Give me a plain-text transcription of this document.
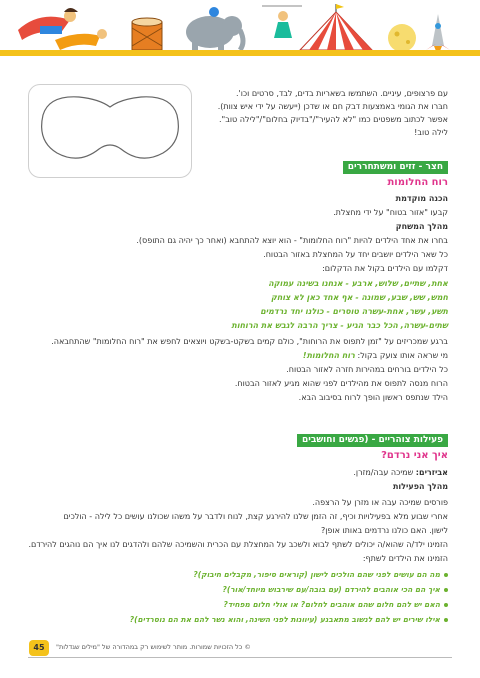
עם פרצופים, עיניים. השתמשו בשאריות בדים, לבד, סרטים וכו'.
חבּרו את הגומי באמצעות דבק חם או שדכן (ייעשה על ידי איש צוות).
אפשר לכתוב משפטים כמו "לא להעיר"/"בדיוק בחלום"/"לילה טוב".
לילה טוב!
חצר - זזים ומשתחררים
רוח החלומות
הכנה מוקדמת
קבעו "אזור בטוח" על ידי מחצלת.
מהלך המשחק
בחרו את אחד הילדים להיות "רוח החלומות" - הוא יוצא להתחבא (ואחר כך יהיה גם התופס).
כל שאר הילדים יושבים יחד על המחצלת באזור הבטוח.
דקלמו עם הילדים בקול את הדקלום:
אחת, שתיים, שלוש, ארבע - אנחנו בשינה עמוקה
חמש, שש, שבע, שמונה - אף אחד כאן לא צוחק
תשע, עשר, אחת-עשרה טוסרים - כולנו יחד נרדמים
שתים-עשרה, הכל כבר הגיע - צריך הרבה לגבש את הרוחות
ברגע שמכריזים על "זמן לתפוס את הרוחות", כולם קמים בשקט-בשקט ויוצאים לחפש את "רוח החלומות" שהתחבאה.
מי שראה אותו צועק בקול: רוח החלומות!
כל הילדים בורחים במהירות חזרה לאזור הבטוח.
הרוח מנסה לתפוס את מהילדים לפני שהוא מגיע לאזור הבטוח.
הילד שנתפס ראשון הופך לרוח בסיבוב הבא.
פעילות צוהריים - (פגשים וחושבים
איך אני נרדם?
אביזרים: שמיכה עבה/מזרן.
מהלך הפעילות
פורסים שמיכה עבה או מזרן על הרצפה.
אחרי שבוע מלא בפעילויות וכיף, זה הזמן שלנו להירגע קצת, לנוח ולדבר על משהו שכולנו עושים כל לילה - הולכים
לישון. האם כולנו נרדמים באותו אופן?
הזמינו ילד/ה שהוא/ה יכולים לשתף לבוא ולשכב על המחצלת עם הכרית והשמיכה שלהם ולהדגים לנו איך הם נוהגים להירדם.
הזמינו את הילדים לשתף:
מה הם עושים לפני שהם הולכים לישון (קוראים סיפור, מקבלים חיבוק)?
איך הם הכי אוהבים להירדם (עם בובה/עם שירבוש מיוחד/אור)?
האם יש להם חלום שהם אוהבים לחלום? או אולי חלום מפחיד?
אילו שירים יש להם לנשוב מתאבנע (עיוונות לפני השינה, והוא נשר להם את הם נוסרדים)?
45	© כל הזכויות שמורות. מותר לשימוש רק במהדורה של "מילים שגדלות"
